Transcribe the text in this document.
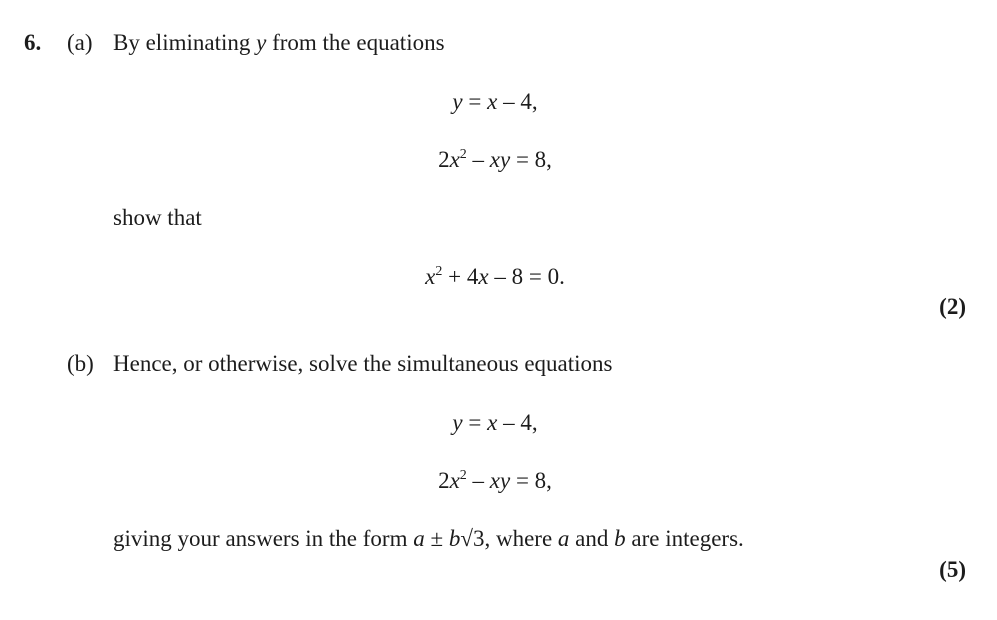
6. (a) By eliminating y from the equations
y = x – 4,
$2x^2$ – xy = 8,
show that
$x^2 + 4x - 8 = 0$.
(2)
(b) Hence, or otherwise, solve the simultaneous equations
y = x – 4,
$2x^2$ – xy = 8,
giving your answers in the form a ± b√3, where a and b are integers.
(5)
